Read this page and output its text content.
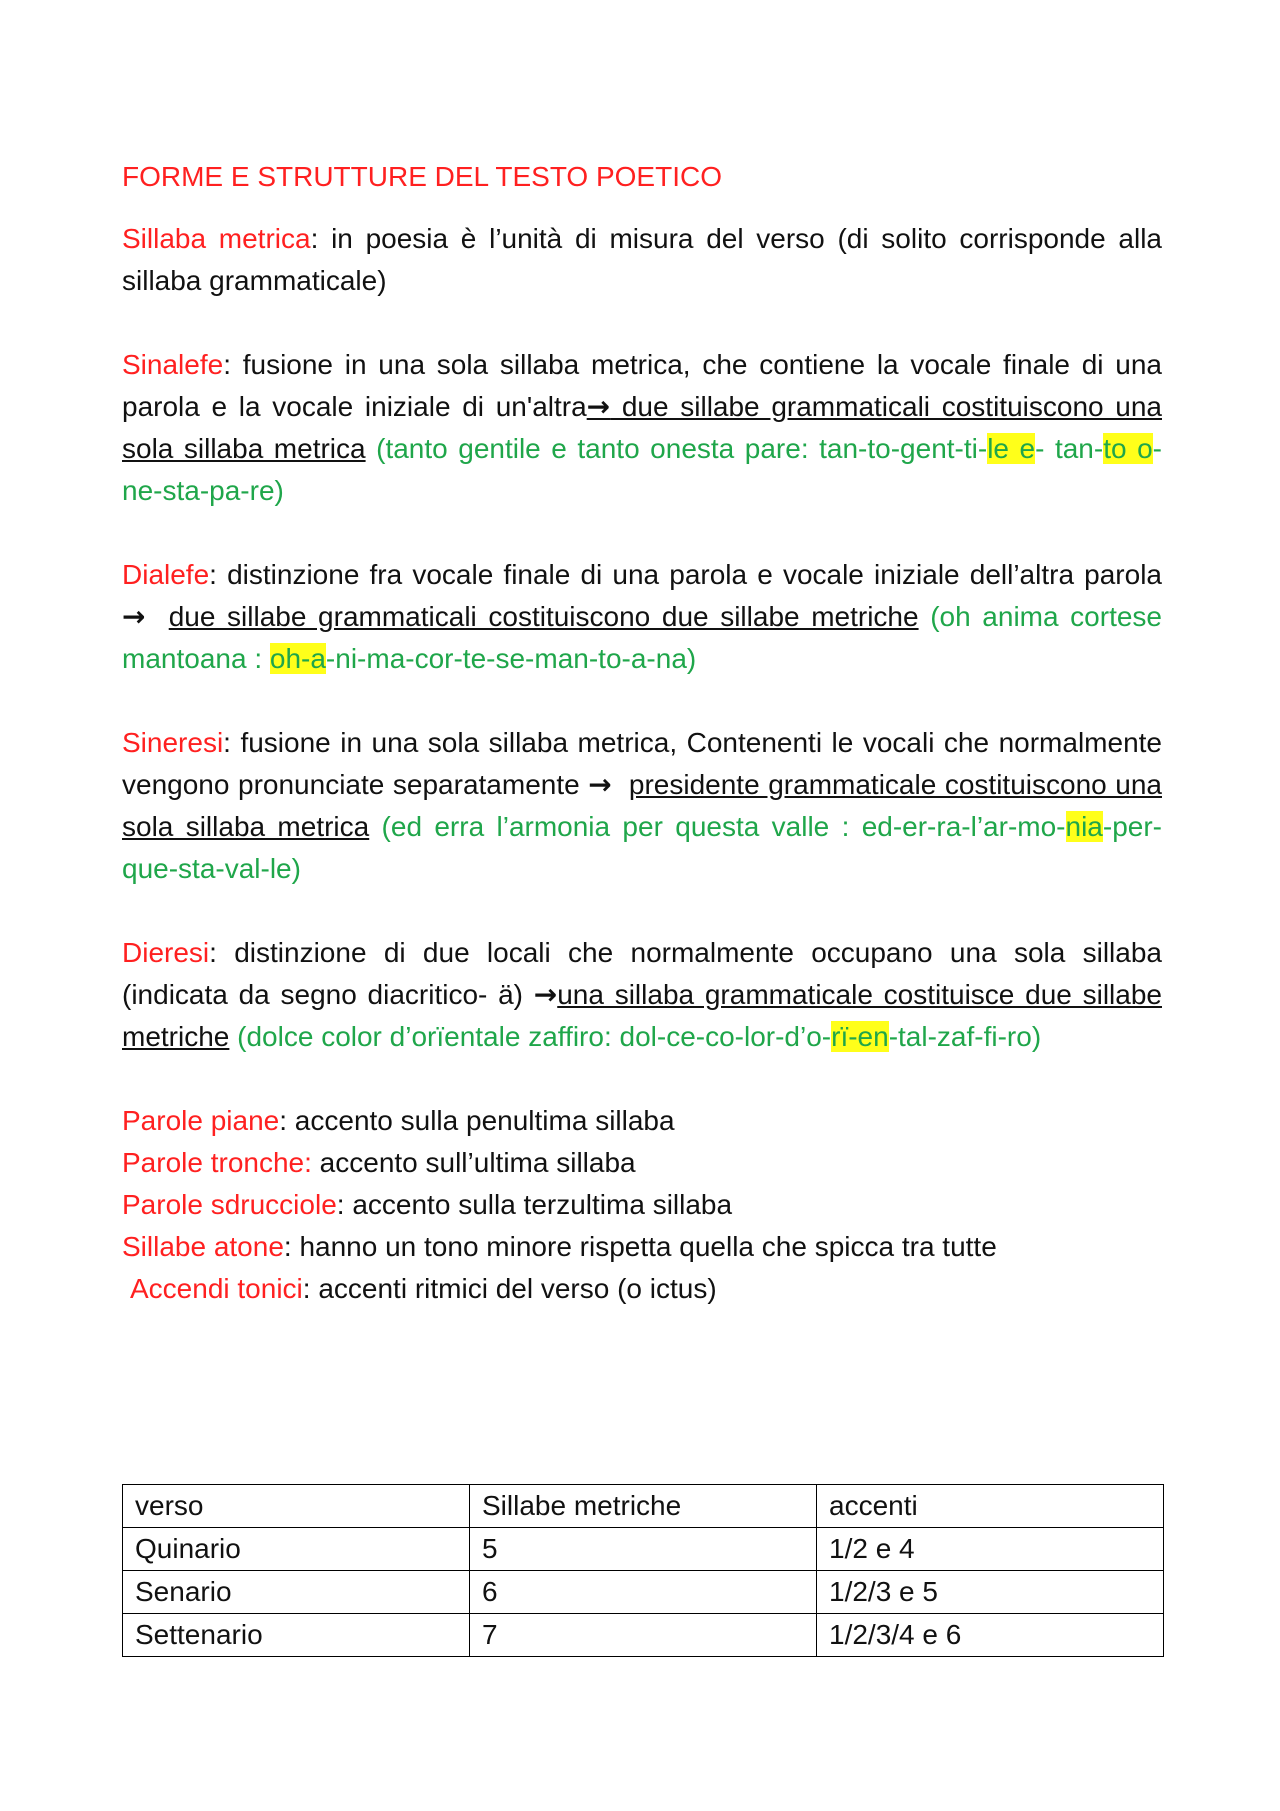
FORME E STRUTTURE DEL TESTO POETICO

Sillaba metrica: in poesia è l’unità di misura del verso (di solito corrisponde alla sillaba grammaticale)

Sinalefe: fusione in una sola sillaba metrica, che contiene la vocale finale di una parola e la vocale iniziale di un'altra→ due sillabe grammaticali costituiscono una sola sillaba metrica (tanto gentile e tanto onesta pare: tan-to-gent-ti-le e- tan-to o-ne-sta-pa-re)

Dialefe: distinzione fra vocale finale di una parola e vocale iniziale dell’altra parola → due sillabe grammaticali costituiscono due sillabe metriche (oh anima cortese mantoana : oh-a-ni-ma-cor-te-se-man-to-a-na)

Sineresi: fusione in una sola sillaba metrica, Contenenti le vocali che normalmente vengono pronunciate separatamente → presidente grammaticale costituiscono una sola sillaba metrica (ed erra l’armonia per questa valle : ed-er-ra-l’ar-mo-nia-per-que-sta-val-le)

Dieresi: distinzione di due locali che normalmente occupano una sola sillaba (indicata da segno diacritico- ä) →una sillaba grammaticale costituisce due sillabe metriche (dolce color d’orïentale zaffiro: dol-ce-co-lor-d’o-rï-en-tal-zaf-fi-ro)

Parole piane: accento sulla penultima sillaba

Parole tronche: accento sull’ultima sillaba

Parole sdrucciole: accento sulla terzultima sillaba

Sillabe atone: hanno un tono minore rispetta quella che spicca tra tutte

Accendi tonici: accenti ritmici del verso (o ictus)

verso	Sillabe metriche	accenti
Quinario	5	1/2 e 4
Senario	6	1/2/3 e 5
Settenario	7	1/2/3/4 e 6
